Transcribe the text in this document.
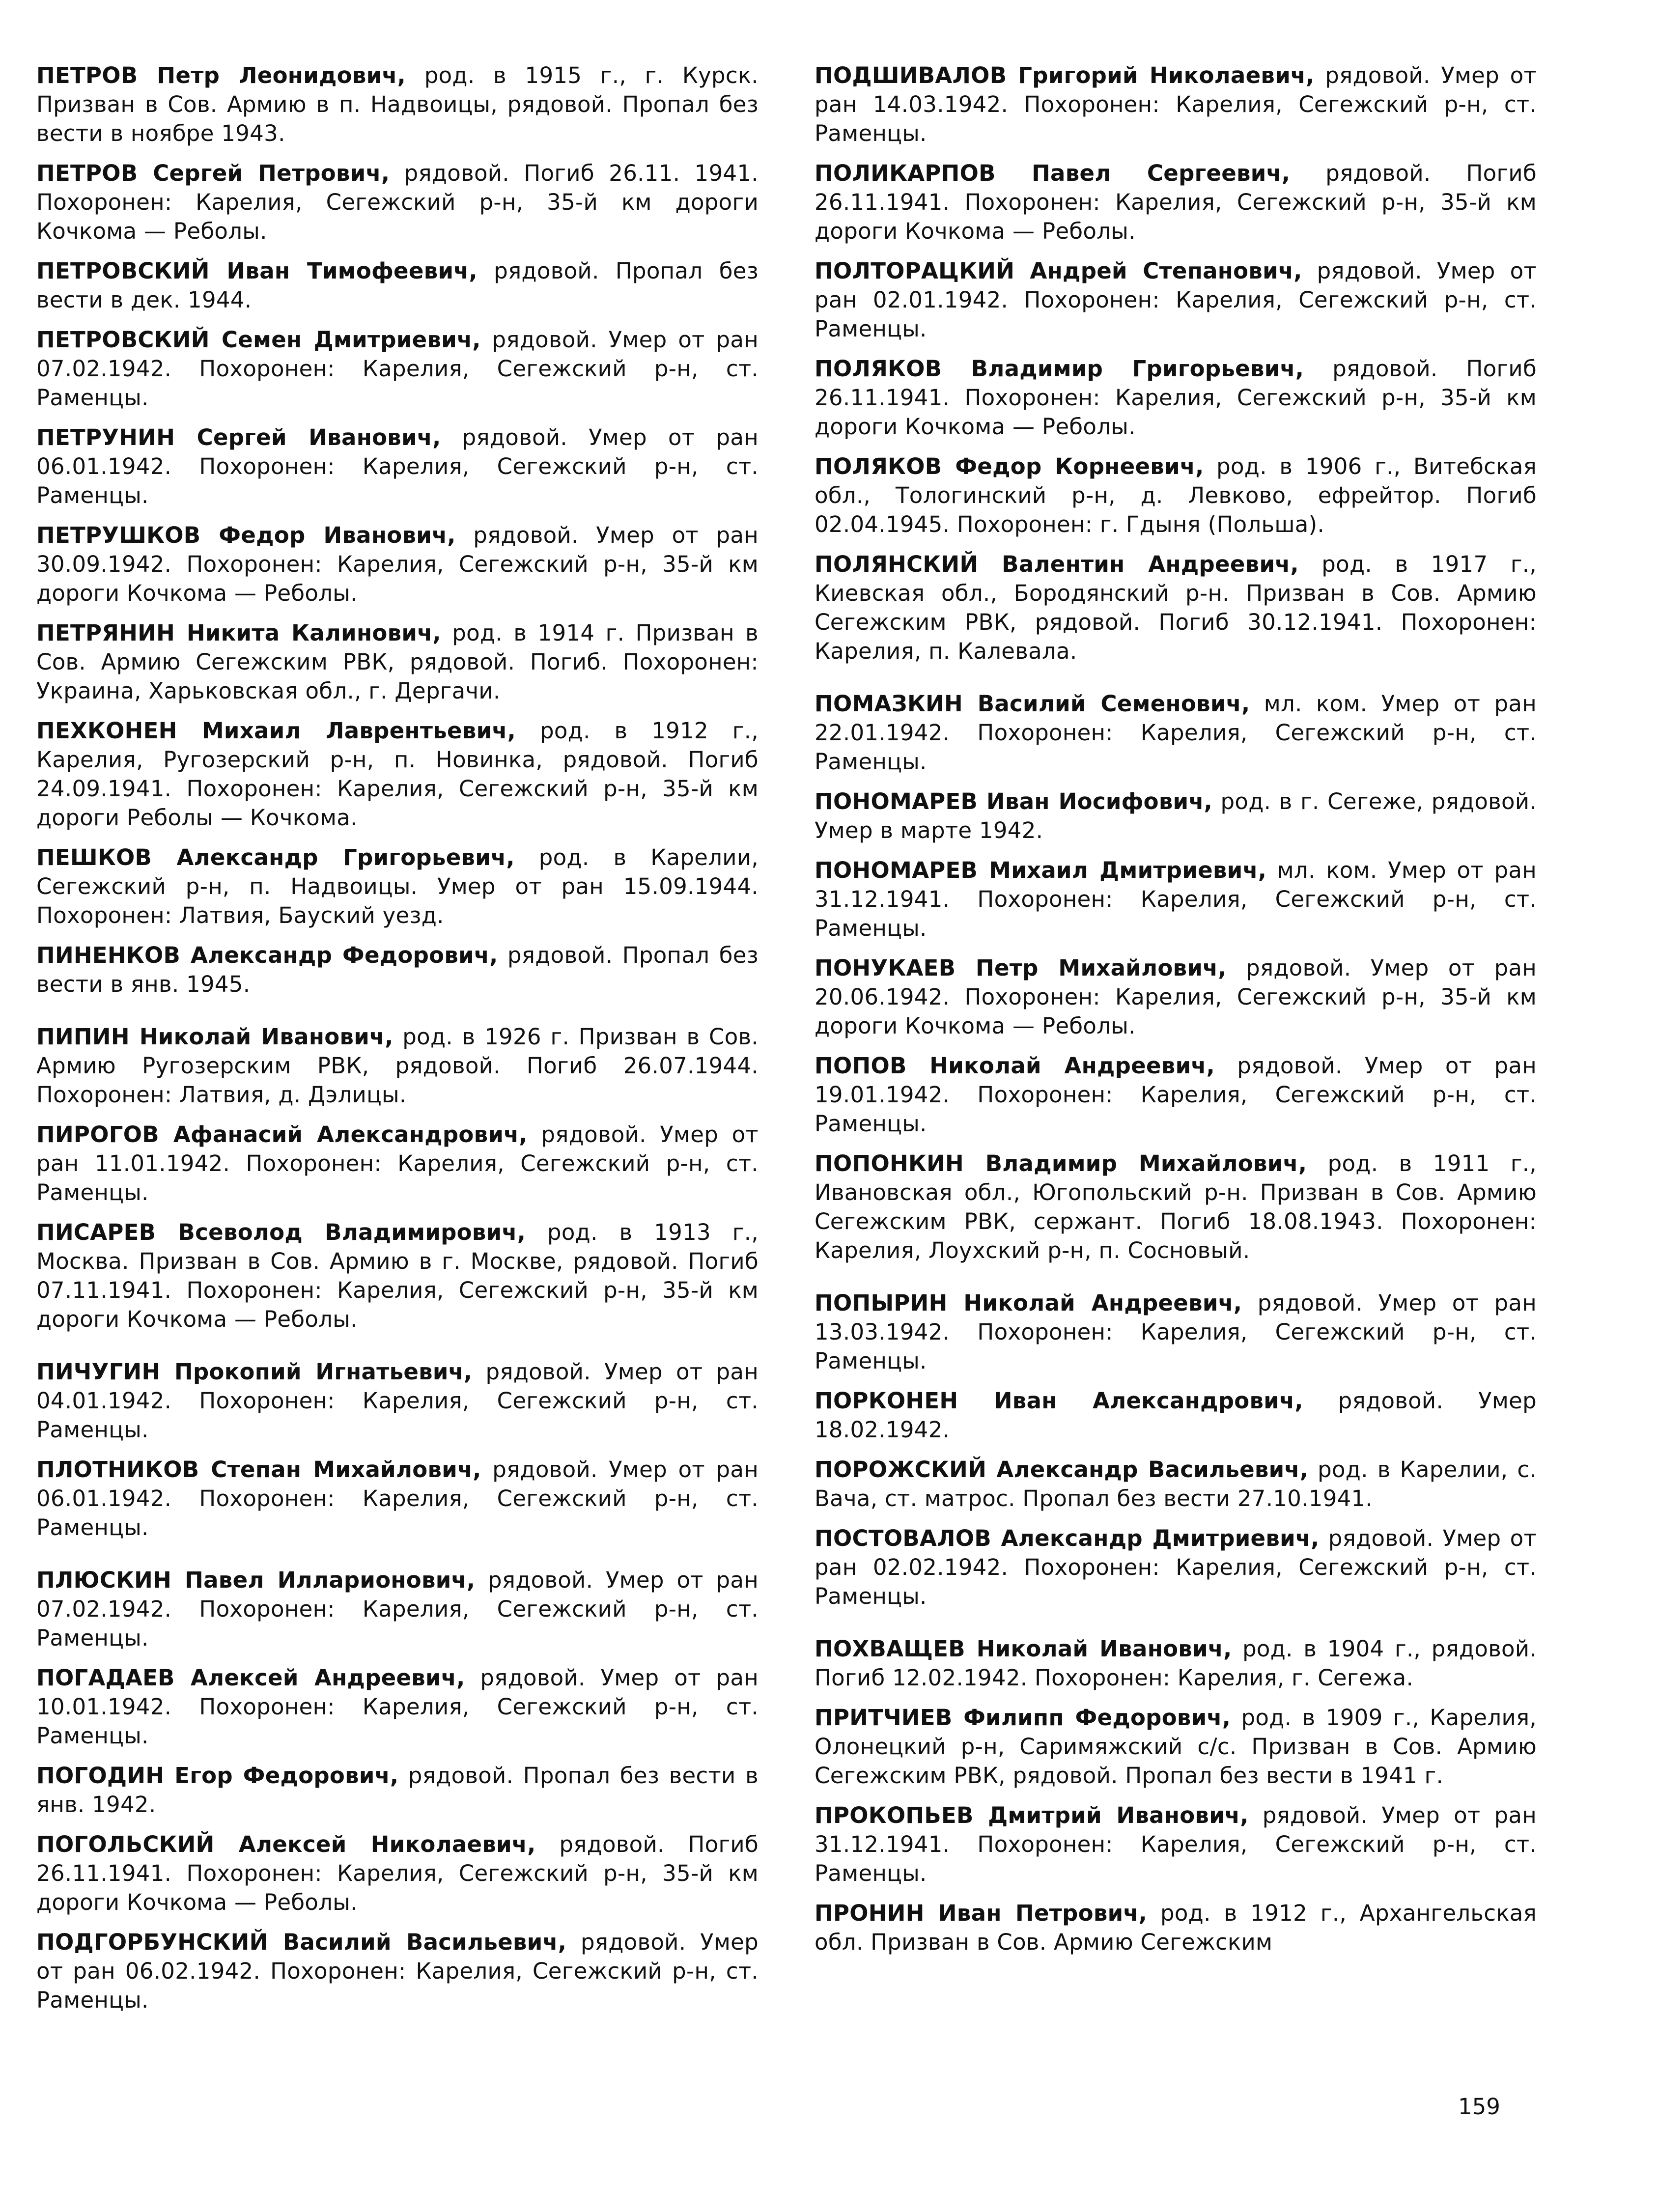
ПЕТРОВ Петр Леонидович, род. в 1915 г., г. Курск. Призван в Сов. Армию в п. Надвоицы, рядовой. Пропал без вести в ноябре 1943.

ПЕТРОВ Сергей Петрович, рядовой. Погиб 26.11. 1941. Похоронен: Карелия, Сегежский р-н, 35-й км дороги Кочкома — Реболы.

ПЕТРОВСКИЙ Иван Тимофеевич, рядовой. Пропал без вести в дек. 1944.

ПЕТРОВСКИЙ Семен Дмитриевич, рядовой. Умер от ран 07.02.1942. Похоронен: Карелия, Сегежский р-н, ст. Раменцы.

ПЕТРУНИН Сергей Иванович, рядовой. Умер от ран 06.01.1942. Похоронен: Карелия, Сегежский р-н, ст. Раменцы.

ПЕТРУШКОВ Федор Иванович, рядовой. Умер от ран 30.09.1942. Похоронен: Карелия, Сегежский р-н, 35-й км дороги Кочкома — Реболы.

ПЕТРЯНИН Никита Калинович, род. в 1914 г. Призван в Сов. Армию Сегежским РВК, рядовой. Погиб. Похоронен: Украина, Харьковская обл., г. Дергачи.

ПЕХКОНЕН Михаил Лаврентьевич, род. в 1912 г., Карелия, Ругозерский р-н, п. Новинка, рядовой. Погиб 24.09.1941. Похоронен: Карелия, Сегежский р-н, 35-й км дороги Реболы — Кочкома.

ПЕШКОВ Александр Григорьевич, род. в Карелии, Сегежский р-н, п. Надвоицы. Умер от ран 15.09.1944. Похоронен: Латвия, Бауский уезд.

ПИНЕНКОВ Александр Федорович, рядовой. Пропал без вести в янв. 1945.

ПИПИН Николай Иванович, род. в 1926 г. Призван в Сов. Армию Ругозерским РВК, рядовой. Погиб 26.07.1944. Похоронен: Латвия, д. Дэлицы.

ПИРОГОВ Афанасий Александрович, рядовой. Умер от ран 11.01.1942. Похоронен: Карелия, Сегежский р-н, ст. Раменцы.

ПИСАРЕВ Всеволод Владимирович, род. в 1913 г., Москва. Призван в Сов. Армию в г. Москве, рядовой. Погиб 07.11.1941. Похоронен: Карелия, Сегежский р-н, 35-й км дороги Кочкома — Реболы.

ПИЧУГИН Прокопий Игнатьевич, рядовой. Умер от ран 04.01.1942. Похоронен: Карелия, Сегежский р-н, ст. Раменцы.

ПЛОТНИКОВ Степан Михайлович, рядовой. Умер от ран 06.01.1942. Похоронен: Карелия, Сегежский р-н, ст. Раменцы.

ПЛЮСКИН Павел Илларионович, рядовой. Умер от ран 07.02.1942. Похоронен: Карелия, Сегежский р-н, ст. Раменцы.

ПОГАДАЕВ Алексей Андреевич, рядовой. Умер от ран 10.01.1942. Похоронен: Карелия, Сегежский р-н, ст. Раменцы.

ПОГОДИН Егор Федорович, рядовой. Пропал без вести в янв. 1942.

ПОГОЛЬСКИЙ Алексей Николаевич, рядовой. Погиб 26.11.1941. Похоронен: Карелия, Сегежский р-н, 35-й км дороги Кочкома — Реболы.

ПОДГОРБУНСКИЙ Василий Васильевич, рядовой. Умер от ран 06.02.1942. Похоронен: Карелия, Сегежский р-н, ст. Раменцы.

ПОДШИВАЛОВ Григорий Николаевич, рядовой. Умер от ран 14.03.1942. Похоронен: Карелия, Сегежский р-н, ст. Раменцы.

ПОЛИКАРПОВ Павел Сергеевич, рядовой. Погиб 26.11.1941. Похоронен: Карелия, Сегежский р-н, 35-й км дороги Кочкома — Реболы.

ПОЛТОРАЦКИЙ Андрей Степанович, рядовой. Умер от ран 02.01.1942. Похоронен: Карелия, Сегежский р-н, ст. Раменцы.

ПОЛЯКОВ Владимир Григорьевич, рядовой. Погиб 26.11.1941. Похоронен: Карелия, Сегежский р-н, 35-й км дороги Кочкома — Реболы.

ПОЛЯКОВ Федор Корнеевич, род. в 1906 г., Витебская обл., Тологинский р-н, д. Левково, ефрейтор. Погиб 02.04.1945. Похоронен: г. Гдыня (Польша).

ПОЛЯНСКИЙ Валентин Андреевич, род. в 1917 г., Киевская обл., Бородянский р-н. Призван в Сов. Армию Сегежским РВК, рядовой. Погиб 30.12.1941. Похоронен: Карелия, п. Калевала.

ПОМАЗКИН Василий Семенович, мл. ком. Умер от ран 22.01.1942. Похоронен: Карелия, Сегежский р-н, ст. Раменцы.

ПОНОМАРЕВ Иван Иосифович, род. в г. Сегеже, рядовой. Умер в марте 1942.

ПОНОМАРЕВ Михаил Дмитриевич, мл. ком. Умер от ран 31.12.1941. Похоронен: Карелия, Сегежский р-н, ст. Раменцы.

ПОНУКАЕВ Петр Михайлович, рядовой. Умер от ран 20.06.1942. Похоронен: Карелия, Сегежский р-н, 35-й км дороги Кочкома — Реболы.

ПОПОВ Николай Андреевич, рядовой. Умер от ран 19.01.1942. Похоронен: Карелия, Сегежский р-н, ст. Раменцы.

ПОПОНКИН Владимир Михайлович, род. в 1911 г., Ивановская обл., Югопольский р-н. Призван в Сов. Армию Сегежским РВК, сержант. Погиб 18.08.1943. Похоронен: Карелия, Лоухский р-н, п. Сосновый.

ПОПЫРИН Николай Андреевич, рядовой. Умер от ран 13.03.1942. Похоронен: Карелия, Сегежский р-н, ст. Раменцы.

ПОРКОНЕН Иван Александрович, рядовой. Умер 18.02.1942.

ПОРОЖСКИЙ Александр Васильевич, род. в Карелии, с. Вача, ст. матрос. Пропал без вести 27.10.1941.

ПОСТОВАЛОВ Александр Дмитриевич, рядовой. Умер от ран 02.02.1942. Похоронен: Карелия, Сегежский р-н, ст. Раменцы.

ПОХВАЩЕВ Николай Иванович, род. в 1904 г., рядовой. Погиб 12.02.1942. Похоронен: Карелия, г. Сегежа.

ПРИТЧИЕВ Филипп Федорович, род. в 1909 г., Карелия, Олонецкий р-н, Саримяжский с/с. Призван в Сов. Армию Сегежским РВК, рядовой. Пропал без вести в 1941 г.

ПРОКОПЬЕВ Дмитрий Иванович, рядовой. Умер от ран 31.12.1941. Похоронен: Карелия, Сегежский р-н, ст. Раменцы.

ПРОНИН Иван Петрович, род. в 1912 г., Архангельская обл. Призван в Сов. Армию Сегежским

159
